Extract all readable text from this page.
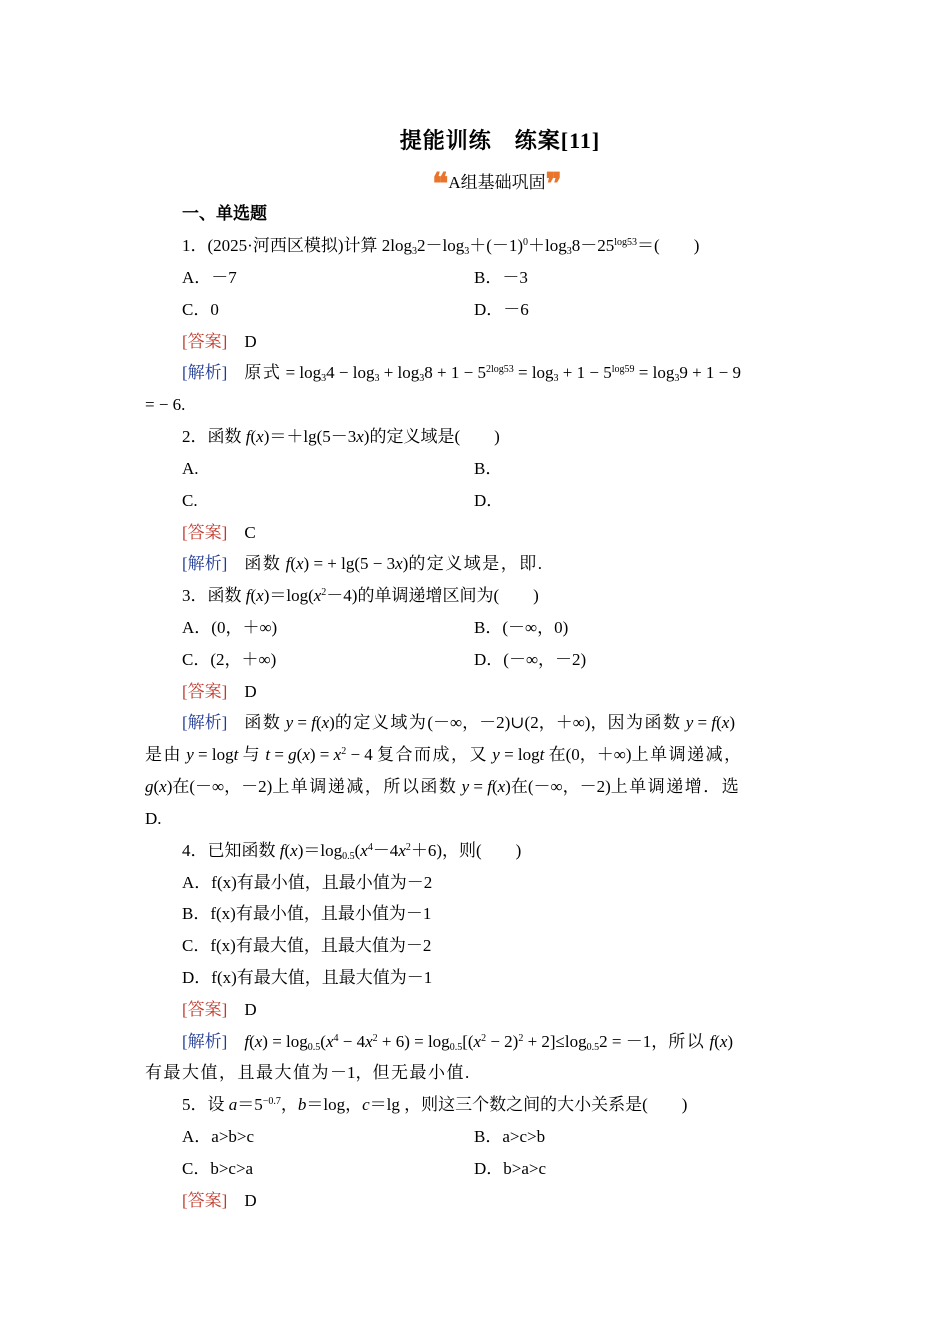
提能训练　练案[11]
❝A组基础巩固❞
一、单选题
1．(2025·河西区模拟)计算 $2\log_32-\log_3+(-1)^0+\log_38-25^{log53}=$(　　)
A．－7	B．－3
C．0	D．－6
[答案]　 D
[解析]　 原式 = $\log_34 - \log_3 + \log_38 + 1 - 5^{2log53} = \log_3 + 1 - 5^{log59} = \log_39 + 1 - 9$
= − 6.
2．函数 f(x)＝＋lg(5－3x)的定义域是(　　)
A.	B．
C.	D．
[答案]　 C
[解析]　 函数 f(x) = + lg(5 − 3x)的定义域是，即.
3．函数 $f(x)=\log(x^2-4)$的单调递增区间为(　　)
A．(0，＋∞)	B．(－∞，0)
C．(2，＋∞)	D．(－∞，－2)
[答案]　 D
[解析]　 函数 y = f(x)的定义域为(－∞，－2)∪(2，＋∞)，因为函数 y = f(x)
是由 y = logt 与 $t = g(x) = x^2 - 4$ 复合而成，又 y = logt 在(0，＋∞)上单调递减，
g(x)在(－∞，－2)上单调递减，所以函数 y = f(x)在(－∞，－2)上单调递增．选
D.
4．已知函数 $f(x)=\log_{0.5}(x^4-4x^2+6)$，则(　　)
A．f(x)有最小值，且最小值为－2
B．f(x)有最小值，且最小值为－1
C．f(x)有最大值，且最大值为－2
D．f(x)有最大值，且最大值为－1
[答案]　 D
[解析]　 $f(x) = \log_{0.5}(x^4 - 4x^2 + 6) = \log_{0.5}[(x^2 - 2)^2 + 2]\le\log_{0.5}2 = -1$，所以 f(x)
有最大值，且最大值为－1，但无最小值.
5．设 $a=5^{-0.7}$，b＝log，c＝lg ，则这三个数之间的大小关系是(　　)
A．a>b>c	B．a>c>b
C．b>c>a	D．b>a>c
[答案]　 D
